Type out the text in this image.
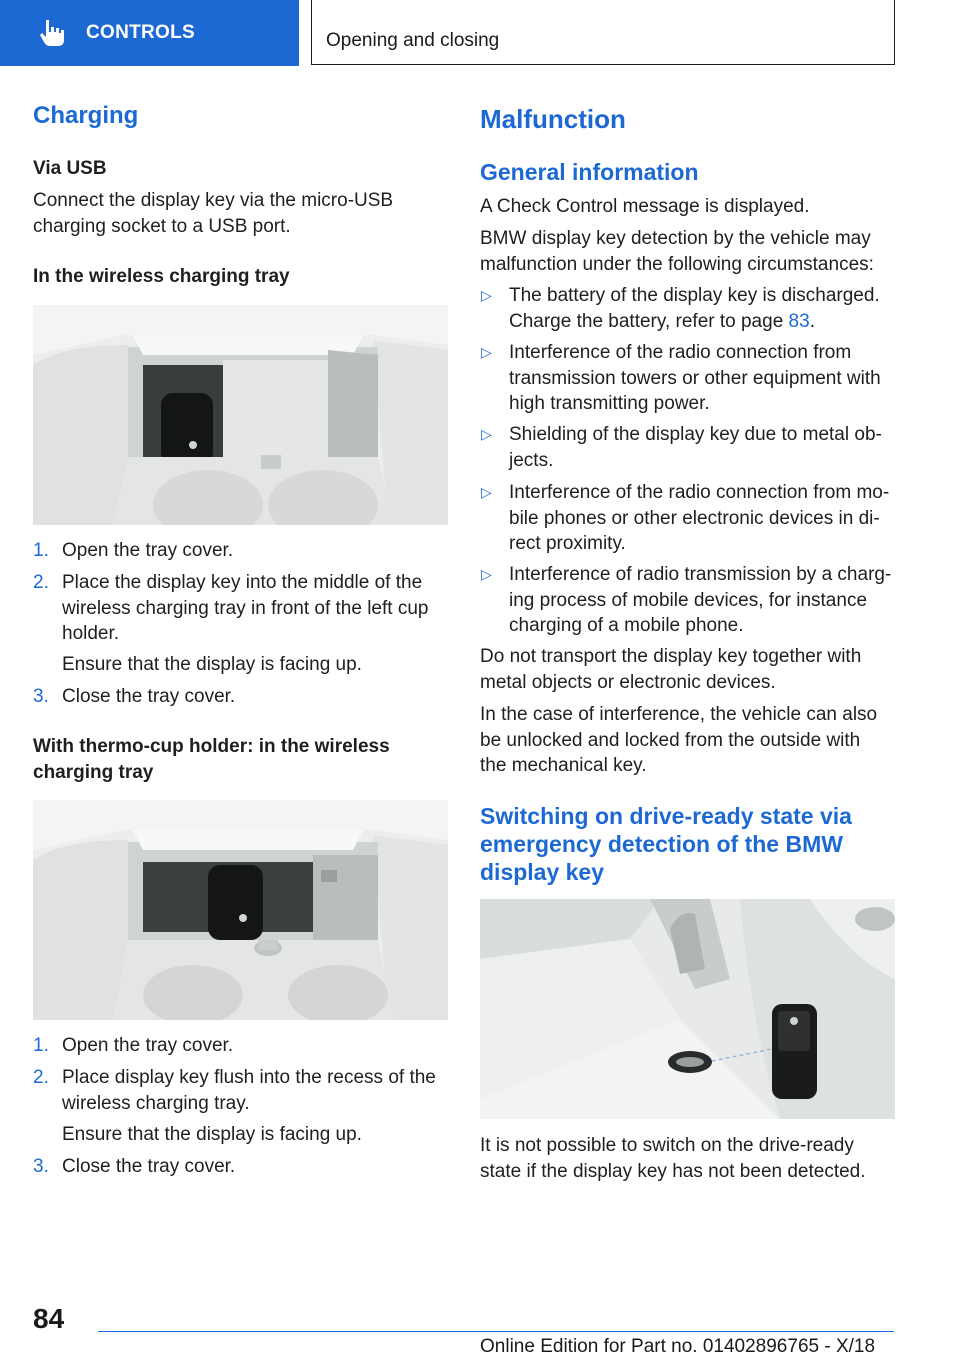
CONTROLS	Opening and closing
Charging
Via USB
Connect the display key via the micro-USB charging socket to a USB port.
In the wireless charging tray
1. Open the tray cover.
2. Place the display key into the middle of the wireless charging tray in front of the left cup holder.
Ensure that the display is facing up.
3. Close the tray cover.
With thermo-cup holder: in the wireless charging tray
1. Open the tray cover.
2. Place display key flush into the recess of the wireless charging tray.
Ensure that the display is facing up.
3. Close the tray cover.
Malfunction
General information
A Check Control message is displayed.
BMW display key detection by the vehicle may malfunction under the following circumstances:
▷ The battery of the display key is discharged. Charge the battery, refer to page 83.
▷ Interference of the radio connection from transmission towers or other equipment with high transmitting power.
▷ Shielding of the display key due to metal ob‐ jects.
▷ Interference of the radio connection from mo‐ bile phones or other electronic devices in di‐ rect proximity.
▷ Interference of radio transmission by a charg‐ ing process of mobile devices, for instance charging of a mobile phone.
Do not transport the display key together with metal objects or electronic devices.
In the case of interference, the vehicle can also be unlocked and locked from the outside with the mechanical key.
Switching on drive-ready state via emergency detection of the BMW display key
It is not possible to switch on the drive-ready state if the display key has not been detected.
84
Online Edition for Part no. 01402896765 - X/18
